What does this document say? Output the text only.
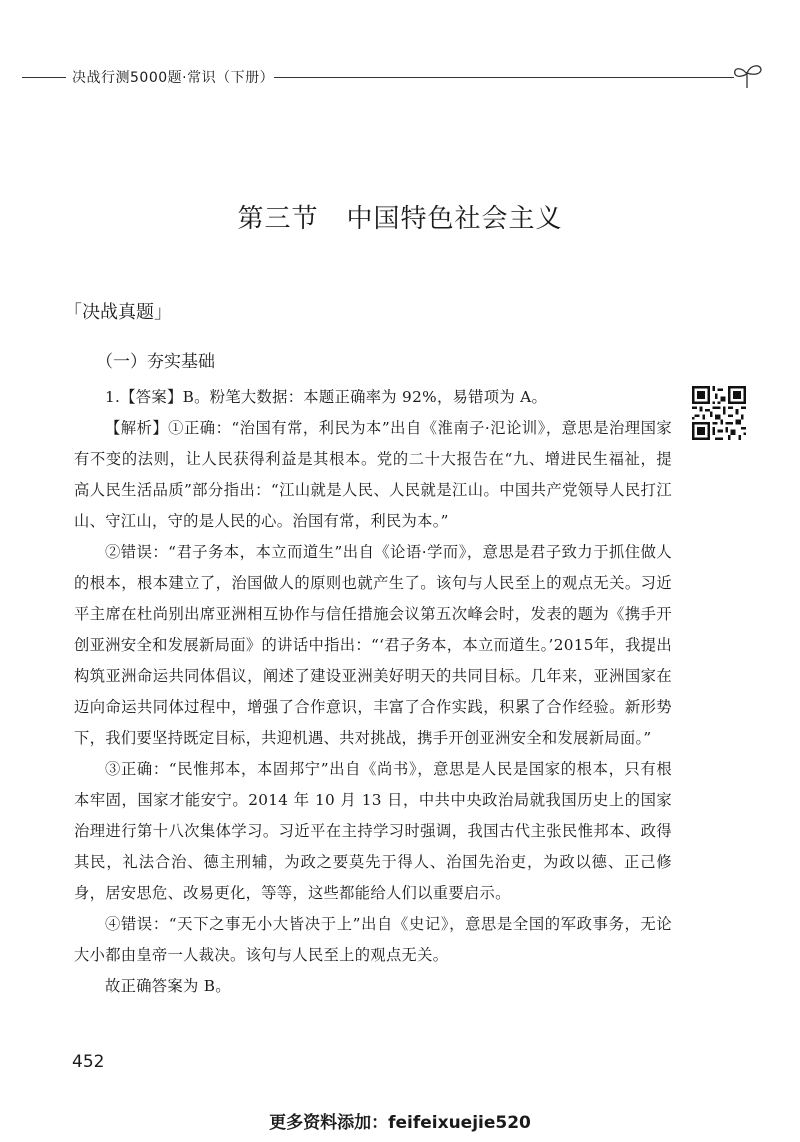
决战行测5000题·常识（下册）
第三节 中国特色社会主义
「决战真题」
（一）夯实基础

1.【答案】B。粉笔大数据：本题正确率为 92%，易错项为 A。

【解析】①正确：“治国有常，利民为本”出自《淮南子·氾论训》，意思是治理国家有不变的法则，让人民获得利益是其根本。党的二十大报告在“九、增进民生福祉，提高人民生活品质”部分指出：“江山就是人民、人民就是江山。中国共产党领导人民打江山、守江山，守的是人民的心。治国有常，利民为本。”

②错误：“君子务本，本立而道生”出自《论语·学而》，意思是君子致力于抓住做人的根本，根本建立了，治国做人的原则也就产生了。该句与人民至上的观点无关。习近平主席在杜尚别出席亚洲相互协作与信任措施会议第五次峰会时，发表的题为《携手开创亚洲安全和发展新局面》的讲话中指出：“‘君子务本，本立而道生。’2015年，我提出构筑亚洲命运共同体倡议，阐述了建设亚洲美好明天的共同目标。几年来，亚洲国家在迈向命运共同体过程中，增强了合作意识，丰富了合作实践，积累了合作经验。新形势下，我们要坚持既定目标，共迎机遇、共对挑战，携手开创亚洲安全和发展新局面。”

③正确：“民惟邦本，本固邦宁”出自《尚书》，意思是人民是国家的根本，只有根本牢固，国家才能安宁。2014 年 10 月 13 日，中共中央政治局就我国历史上的国家治理进行第十八次集体学习。习近平在主持学习时强调，我国古代主张民惟邦本、政得其民，礼法合治、德主刑辅，为政之要莫先于得人、治国先治吏，为政以德、正己修身，居安思危、改易更化，等等，这些都能给人们以重要启示。

④错误：“天下之事无小大皆决于上”出自《史记》，意思是全国的军政事务，无论大小都由皇帝一人裁决。该句与人民至上的观点无关。

故正确答案为 B。

452
更多资料添加：feifeixuejie520
